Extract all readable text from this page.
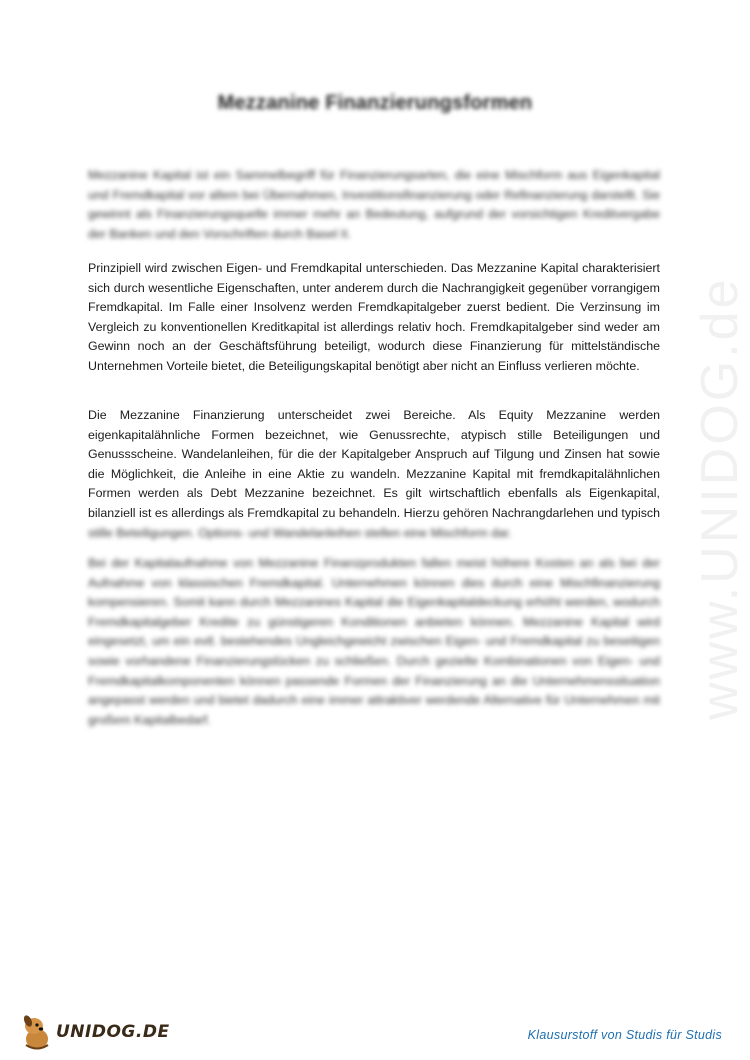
www.UNIDOG.de
Mezzanine Finanzierungsformen
Mezzanine Kapital ist ein Sammelbegriff für Finanzierungsarten, die eine Mischform aus Eigenkapital und Fremdkapital vor allem bei Übernahmen, Investitionsfinanzierung oder Refinanzierung darstellt. Sie gewinnt als Finanzierungsquelle immer mehr an Bedeutung, aufgrund der vorsichtigen Kreditvergabe der Banken und den Vorschriften durch Basel II.
Prinzipiell wird zwischen Eigen- und Fremdkapital unterschieden. Das Mezzanine Kapital charakterisiert sich durch wesentliche Eigenschaften, unter anderem durch die Nachrangigkeit gegenüber vorrangigem Fremdkapital. Im Falle einer Insolvenz werden Fremdkapitalgeber zuerst bedient. Die Verzinsung im Vergleich zu konventionellen Kreditkapital ist allerdings relativ hoch. Fremdkapitalgeber sind weder am Gewinn noch an der Geschäftsführung beteiligt, wodurch diese Finanzierung für mittelständische Unternehmen Vorteile bietet, die Beteiligungskapital benötigt aber nicht an Einfluss verlieren möchte.
Die Mezzanine Finanzierung unterscheidet zwei Bereiche. Als Equity Mezzanine werden eigenkapitalähnliche Formen bezeichnet, wie Genussrechte, atypisch stille Beteiligungen und Genussscheine. Wandelanleihen, für die der Kapitalgeber Anspruch auf Tilgung und Zinsen hat sowie die Möglichkeit, die Anleihe in eine Aktie zu wandeln. Mezzanine Kapital mit fremdkapitalähnlichen Formen werden als Debt Mezzanine bezeichnet. Es gilt wirtschaftlich ebenfalls als Eigenkapital, bilanziell ist es allerdings als Fremdkapital zu behandeln. Hierzu gehören Nachrangdarlehen und typisch
stille Beteiligungen. Options- und Wandelanleihen stellen eine Mischform dar.
Bei der Kapitalaufnahme von Mezzanine Finanzprodukten fallen meist höhere Kosten an als bei der Aufnahme von klassischen Fremdkapital. Unternehmen können dies durch eine Mischfinanzierung kompensieren. Somit kann durch Mezzanines Kapital die Eigenkapitaldeckung erhöht werden, wodurch Fremdkapitalgeber Kredite zu günstigeren Konditionen anbieten können. Mezzanine Kapital wird eingesetzt, um ein evtl. bestehendes Ungleichgewicht zwischen Eigen- und Fremdkapital zu beseitigen sowie vorhandene Finanzierungslücken zu schließen. Durch gezielte Kombinationen von Eigen- und Fremdkapitalkomponenten können passende Formen der Finanzierung an die Unternehmenssituation angepasst werden und bietet dadurch eine immer attraktiver werdende Alternative für Unternehmen mit großem Kapitalbedarf.
UNIDOG.DE	Klausurstoff von Studis für Studis
